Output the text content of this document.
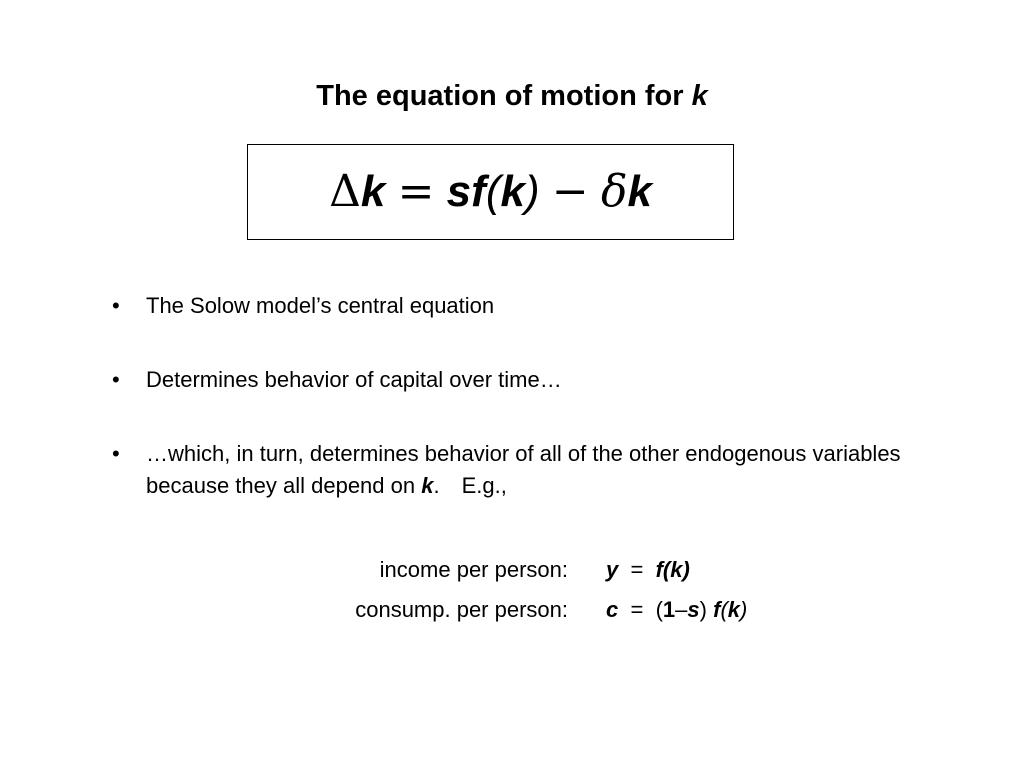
The equation of motion for k
Δk = sf(k) − δk
• The Solow model’s central equation
• Determines behavior of capital over time…
• …which, in turn, determines behavior of all of the other endogenous variables because they all depend on k. E.g.,
income per person: y = f(k)
consump. per person: c = (1–s) f(k)
